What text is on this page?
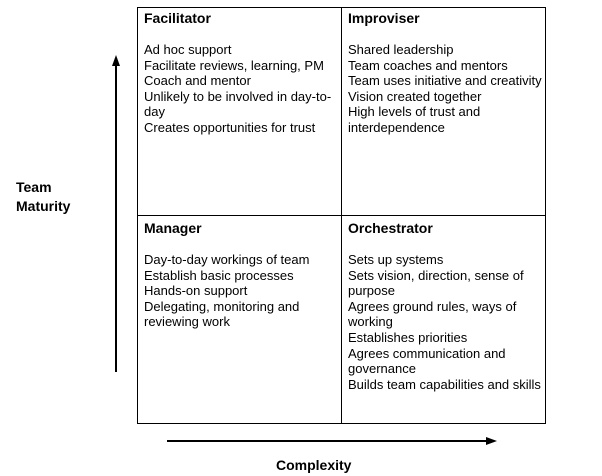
Team
Maturity
Facilitator
Ad hoc support
Facilitate reviews, learning, PM
Coach and mentor
Unlikely to be involved in day-to-day
Creates opportunities for trust
Improviser
Shared leadership
Team coaches and mentors
Team uses initiative and creativity
Vision created together
High levels of trust and interdependence
Manager
Day-to-day workings of team
Establish basic processes
Hands-on support
Delegating, monitoring and reviewing work
Orchestrator
Sets up systems
Sets vision, direction, sense of purpose
Agrees ground rules, ways of working
Establishes priorities
Agrees communication and governance
Builds team capabilities and skills
Complexity
